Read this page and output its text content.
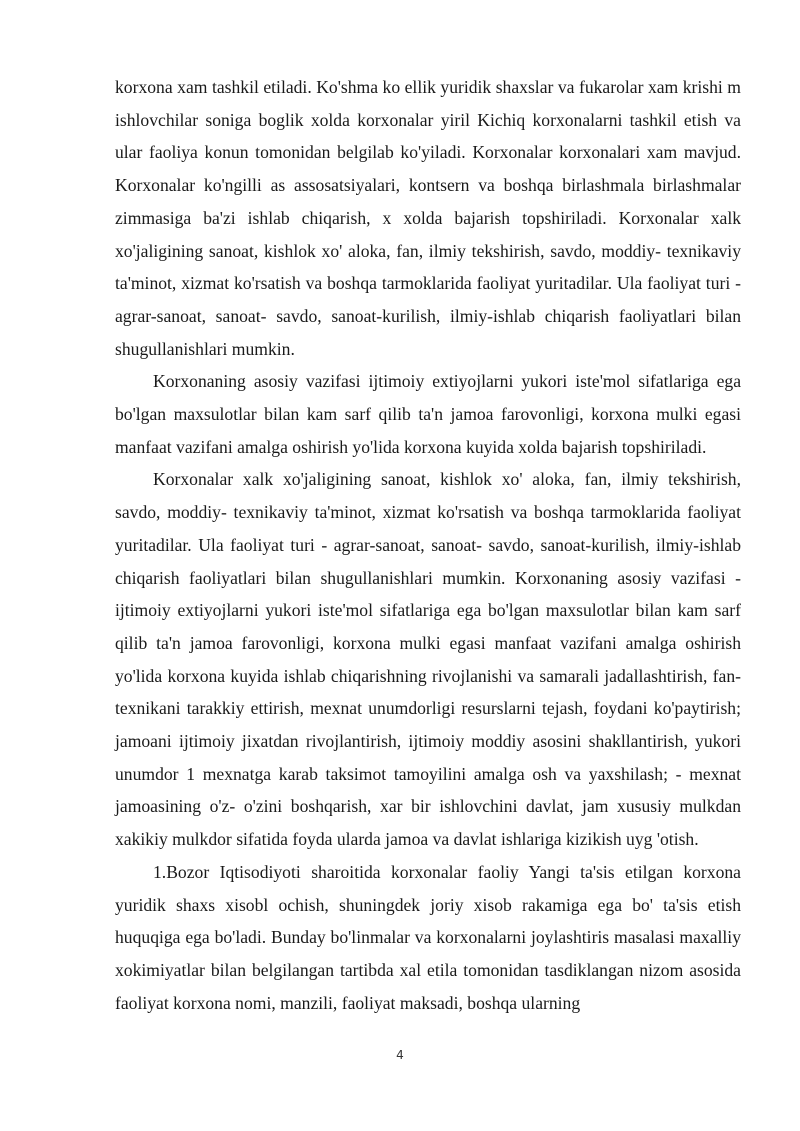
korxona xam tashkil etiladi. Ko'shma ko ellik yuridik shaxslar va fukarolar xam krishi m ishlovchilar soniga boglik xolda korxonalar yiril Kichiq korxonalarni tashkil etish va ular faoliya konun tomonidan belgilab ko'yiladi. Korxonalar korxonalari xam mavjud. Korxonalar ko'ngilli as assosatsiyalari, kontsern va boshqa birlashmala birlashmalar zimmasiga ba'zi ishlab chiqarish, x xolda bajarish topshiriladi. Korxonalar xalk xo'jaligining sanoat, kishlok xo' aloka, fan, ilmiy tekshirish, savdo, moddiy- texnikaviy ta'minot, xizmat ko'rsatish va boshqa tarmoklarida faoliyat yuritadilar. Ula faoliyat turi - agrar-sanoat, sanoat- savdo, sanoat-kurilish, ilmiy-ishlab chiqarish faoliyatlari bilan shugullanishlari mumkin.

Korxonaning asosiy vazifasi ijtimoiy extiyojlarni yukori iste'mol sifatlariga ega bo'lgan maxsulotlar bilan kam sarf qilib ta'n jamoa farovonligi, korxona mulki egasi manfaat vazifani amalga oshirish yo'lida korxona kuyida xolda bajarish topshiriladi.

Korxonalar xalk xo'jaligining sanoat, kishlok xo' aloka, fan, ilmiy tekshirish, savdo, moddiy- texnikaviy ta'minot, xizmat ko'rsatish va boshqa tarmoklarida faoliyat yuritadilar. Ula faoliyat turi - agrar-sanoat, sanoat- savdo, sanoat-kurilish, ilmiy-ishlab chiqarish faoliyatlari bilan shugullanishlari mumkin. Korxonaning asosiy vazifasi - ijtimoiy extiyojlarni yukori iste'mol sifatlariga ega bo'lgan maxsulotlar bilan kam sarf qilib ta'n jamoa farovonligi, korxona mulki egasi manfaat vazifani amalga oshirish yo'lida korxona kuyida ishlab chiqarishning rivojlanishi va samarali jadallashtirish, fan- texnikani tarakkiy ettirish, mexnat unumdorligi resurslarni tejash, foydani ko'paytirish; jamoani ijtimoiy jixatdan rivojlantirish, ijtimoiy moddiy asosini shakllantirish, yukori unumdor 1 mexnatga karab taksimot tamoyilini amalga osh va yaxshilash; - mexnat jamoasining o'z- o'zini boshqarish, xar bir ishlovchini davlat, jam xususiy mulkdan xakikiy mulkdor sifatida foyda ularda jamoa va davlat ishlariga kizikish uyg 'otish.

1.Bozor Iqtisodiyoti sharoitida korxonalar faoliy Yangi ta'sis etilgan korxona yuridik shaxs xisobl ochish, shuningdek joriy xisob rakamiga ega bo' ta'sis etish huquqiga ega bo'ladi. Bunday bo'linmalar va korxonalarni joylashtiris masalasi maxalliy xokimiyatlar bilan belgilangan tartibda xal etila tomonidan tasdiklangan nizom asosida faoliyat korxona nomi, manzili, faoliyat maksadi, boshqa ularning

4
